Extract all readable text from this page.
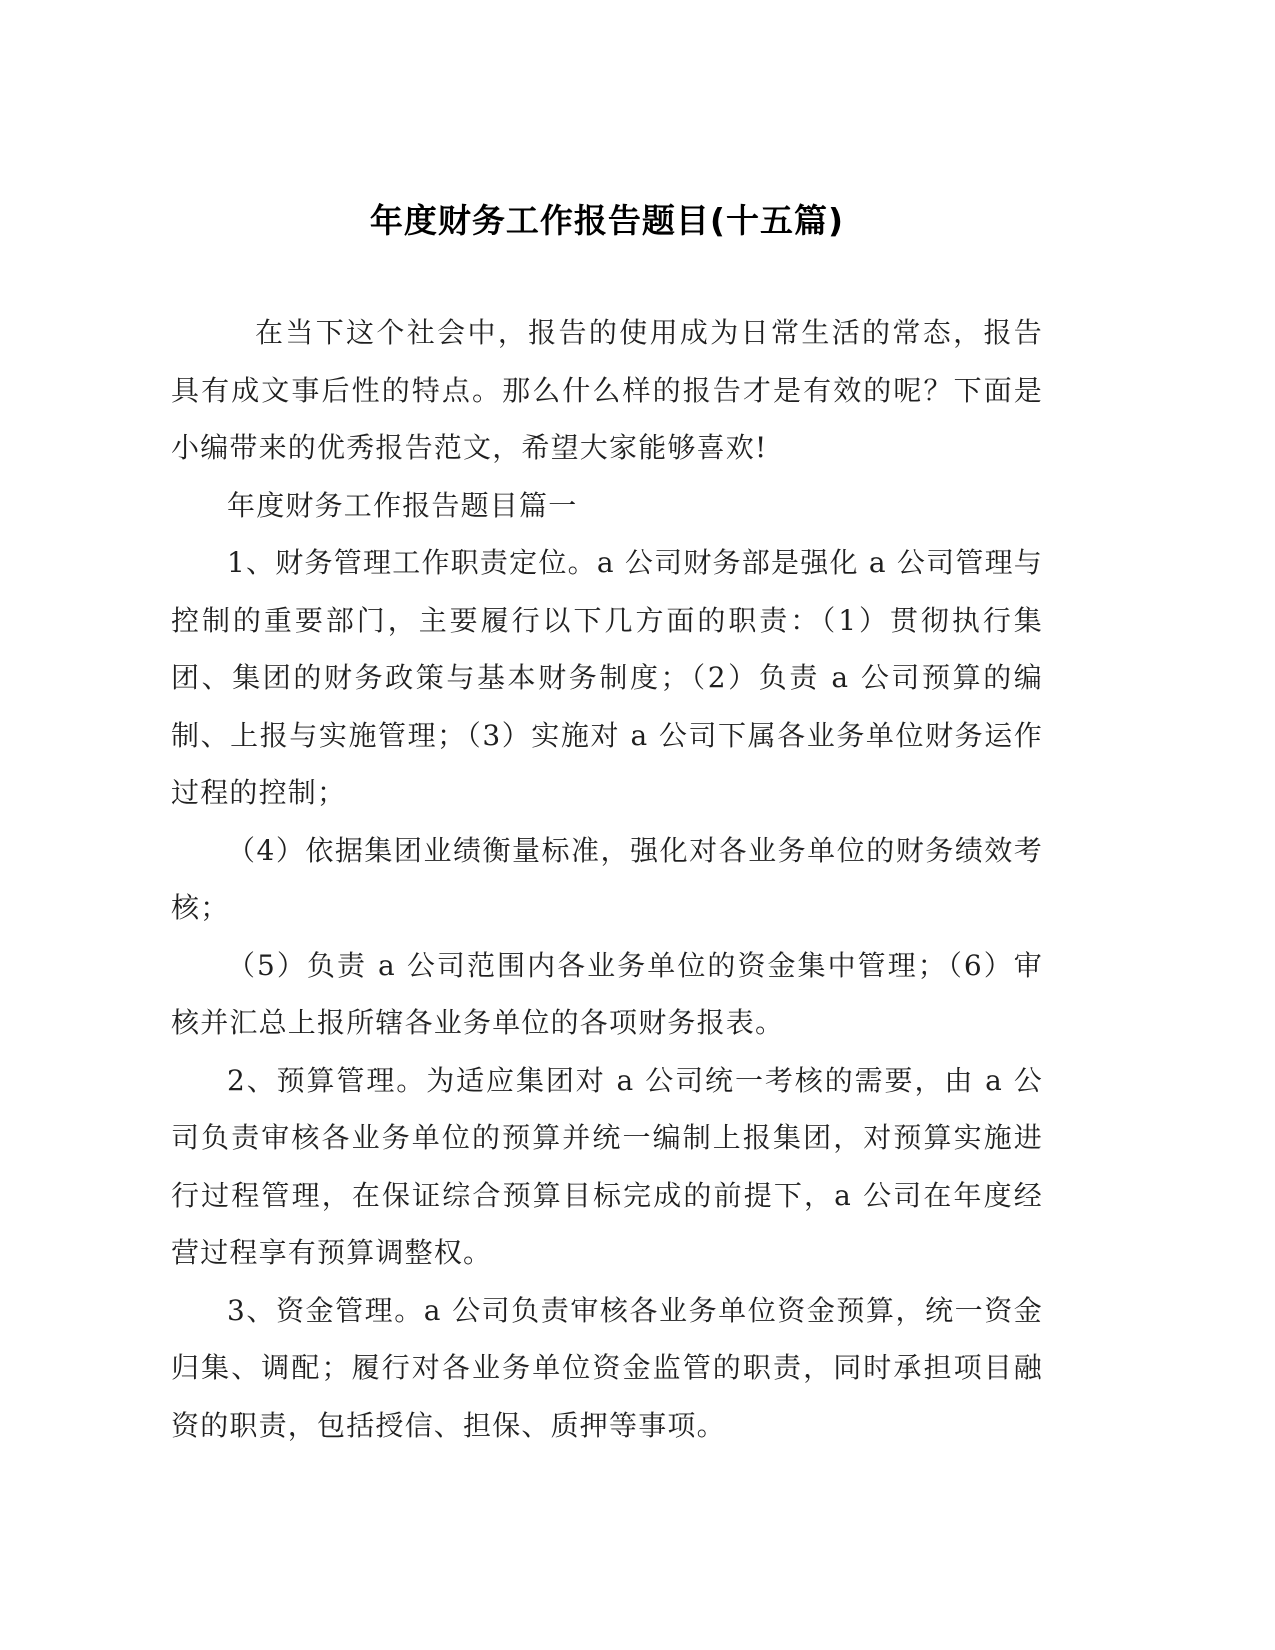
年度财务工作报告题目(十五篇)

在当下这个社会中，报告的使用成为日常生活的常态，报告具有成文事后性的特点。那么什么样的报告才是有效的呢？下面是小编带来的优秀报告范文，希望大家能够喜欢!

年度财务工作报告题目篇一

1、财务管理工作职责定位。a 公司财务部是强化 a 公司管理与控制的重要部门，主要履行以下几方面的职责：（1）贯彻执行集团、集团的财务政策与基本财务制度；（2）负责 a 公司预算的编制、上报与实施管理；（3）实施对 a 公司下属各业务单位财务运作过程的控制；

（4）依据集团业绩衡量标准，强化对各业务单位的财务绩效考核；

（5）负责 a 公司范围内各业务单位的资金集中管理；（6）审核并汇总上报所辖各业务单位的各项财务报表。

2、预算管理。为适应集团对 a 公司统一考核的需要，由 a 公司负责审核各业务单位的预算并统一编制上报集团，对预算实施进行过程管理，在保证综合预算目标完成的前提下，a 公司在年度经营过程享有预算调整权。

3、资金管理。a 公司负责审核各业务单位资金预算，统一资金归集、调配；履行对各业务单位资金监管的职责，同时承担项目融资的职责，包括授信、担保、质押等事项。
